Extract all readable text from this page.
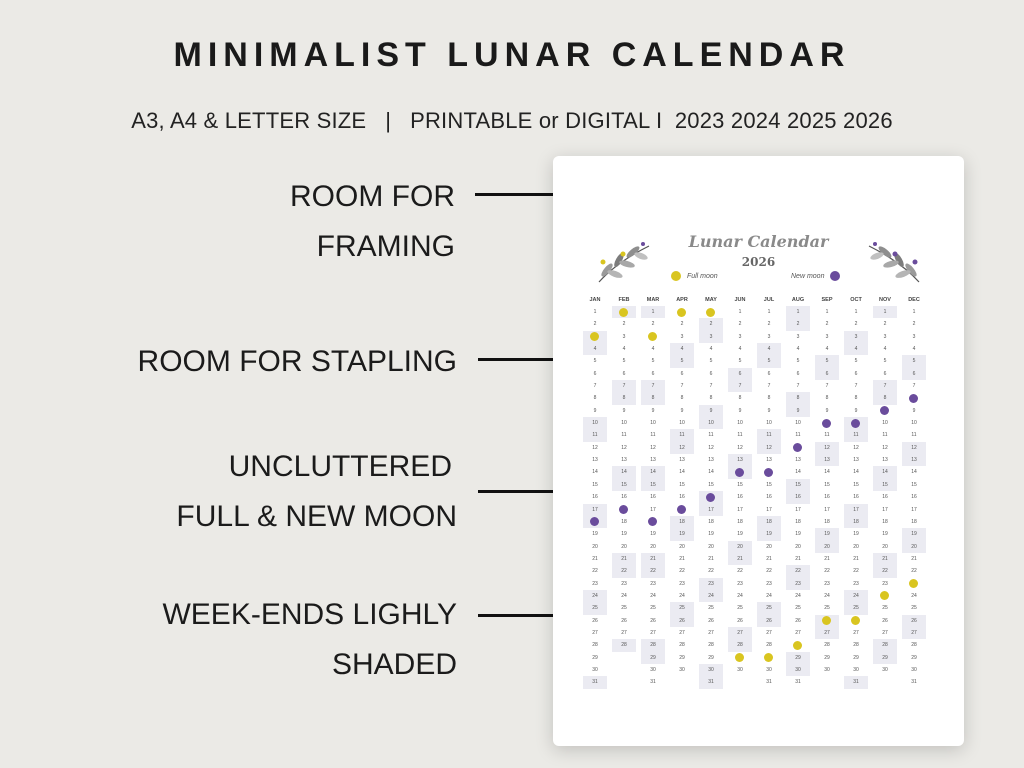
MINIMALIST LUNAR CALENDAR
A3, A4 & LETTER SIZE   |   PRINTABLE or DIGITAL I  2023 2024 2025 2026
ROOM FOR FRAMING
ROOM FOR STAPLING
UNCLUTTERED
FULL & NEW MOON
WEEK-ENDS LIGHLY SHADED
Lunar Calendar
2026
Full moon	New moon
JAN
1
2
4
5
6
7
8
9
10
11
12
13
14
15
16
17
19
20
21
22
23
24
25
26
27
28
29
30
31
FEB
2
3
4
5
6
7
8
9
10
11
12
13
14
15
16
18
19
20
21
22
23
24
25
26
27
28
MAR
1
2
4
5
6
7
8
9
10
11
12
13
14
15
16
17
19
20
21
22
23
24
25
26
27
28
29
30
31
APR
2
3
4
5
6
7
8
9
10
11
12
13
14
15
16
18
19
20
21
22
23
24
25
26
27
28
29
30
MAY
2
3
4
5
6
7
8
9
10
11
12
13
14
15
17
18
19
20
21
22
23
24
25
26
27
28
29
30
31
JUN
1
2
3
4
5
6
7
8
9
10
11
12
13
15
16
17
18
19
20
21
22
23
24
25
26
27
28
30
JUL
1
2
3
4
5
6
7
8
9
10
11
12
13
15
16
17
18
19
20
21
22
23
24
25
26
27
28
30
31
AUG
1
2
3
4
5
6
7
8
9
10
11
13
14
15
16
17
18
19
20
21
22
23
24
25
26
27
29
30
31
SEP
1
2
3
4
5
6
7
8
9
11
12
13
14
15
16
17
18
19
20
21
22
23
24
25
27
28
29
30
OCT
1
2
3
4
5
6
7
8
9
11
12
13
14
15
16
17
18
19
20
21
22
23
24
25
27
28
29
30
31
NOV
1
2
3
4
5
6
7
8
10
11
12
13
14
15
16
17
18
19
20
21
22
23
25
26
27
28
29
30
DEC
1
2
3
4
5
6
7
9
10
11
12
13
14
15
16
17
18
19
20
21
22
24
25
26
27
28
29
30
31
